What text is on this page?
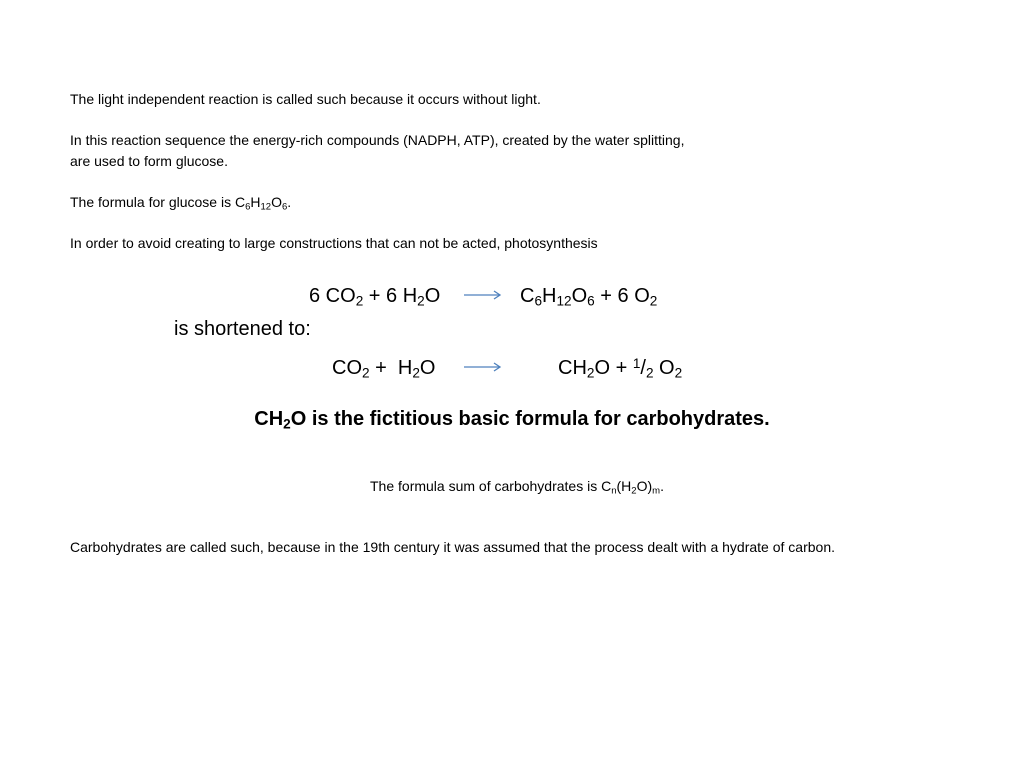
The light independent reaction is called such because it occurs without light.
In this reaction sequence the energy-rich compounds (NADPH, ATP), created by the water splitting,
are used to form glucose.
The formula for glucose is $C_6H_{12}O_6$.
In order to avoid creating to large constructions that can not be acted, photosynthesis
6 $CO_2 + 6$ $H_2O \to C_6H_{12}O_6 + 6$ $O_2$
is shortened to:
$CO_2 + H_2O$	$CH_2O + ^1/_2$ $O_2$
$CH_2O$ is the fictitious basic formula for carbohydrates.
The formula sum of carbohydrates is $C_n(H_2O)_m$.
Carbohydrates are called such, because in the 19th century it was assumed that the process dealt with a hydrate of carbon.
